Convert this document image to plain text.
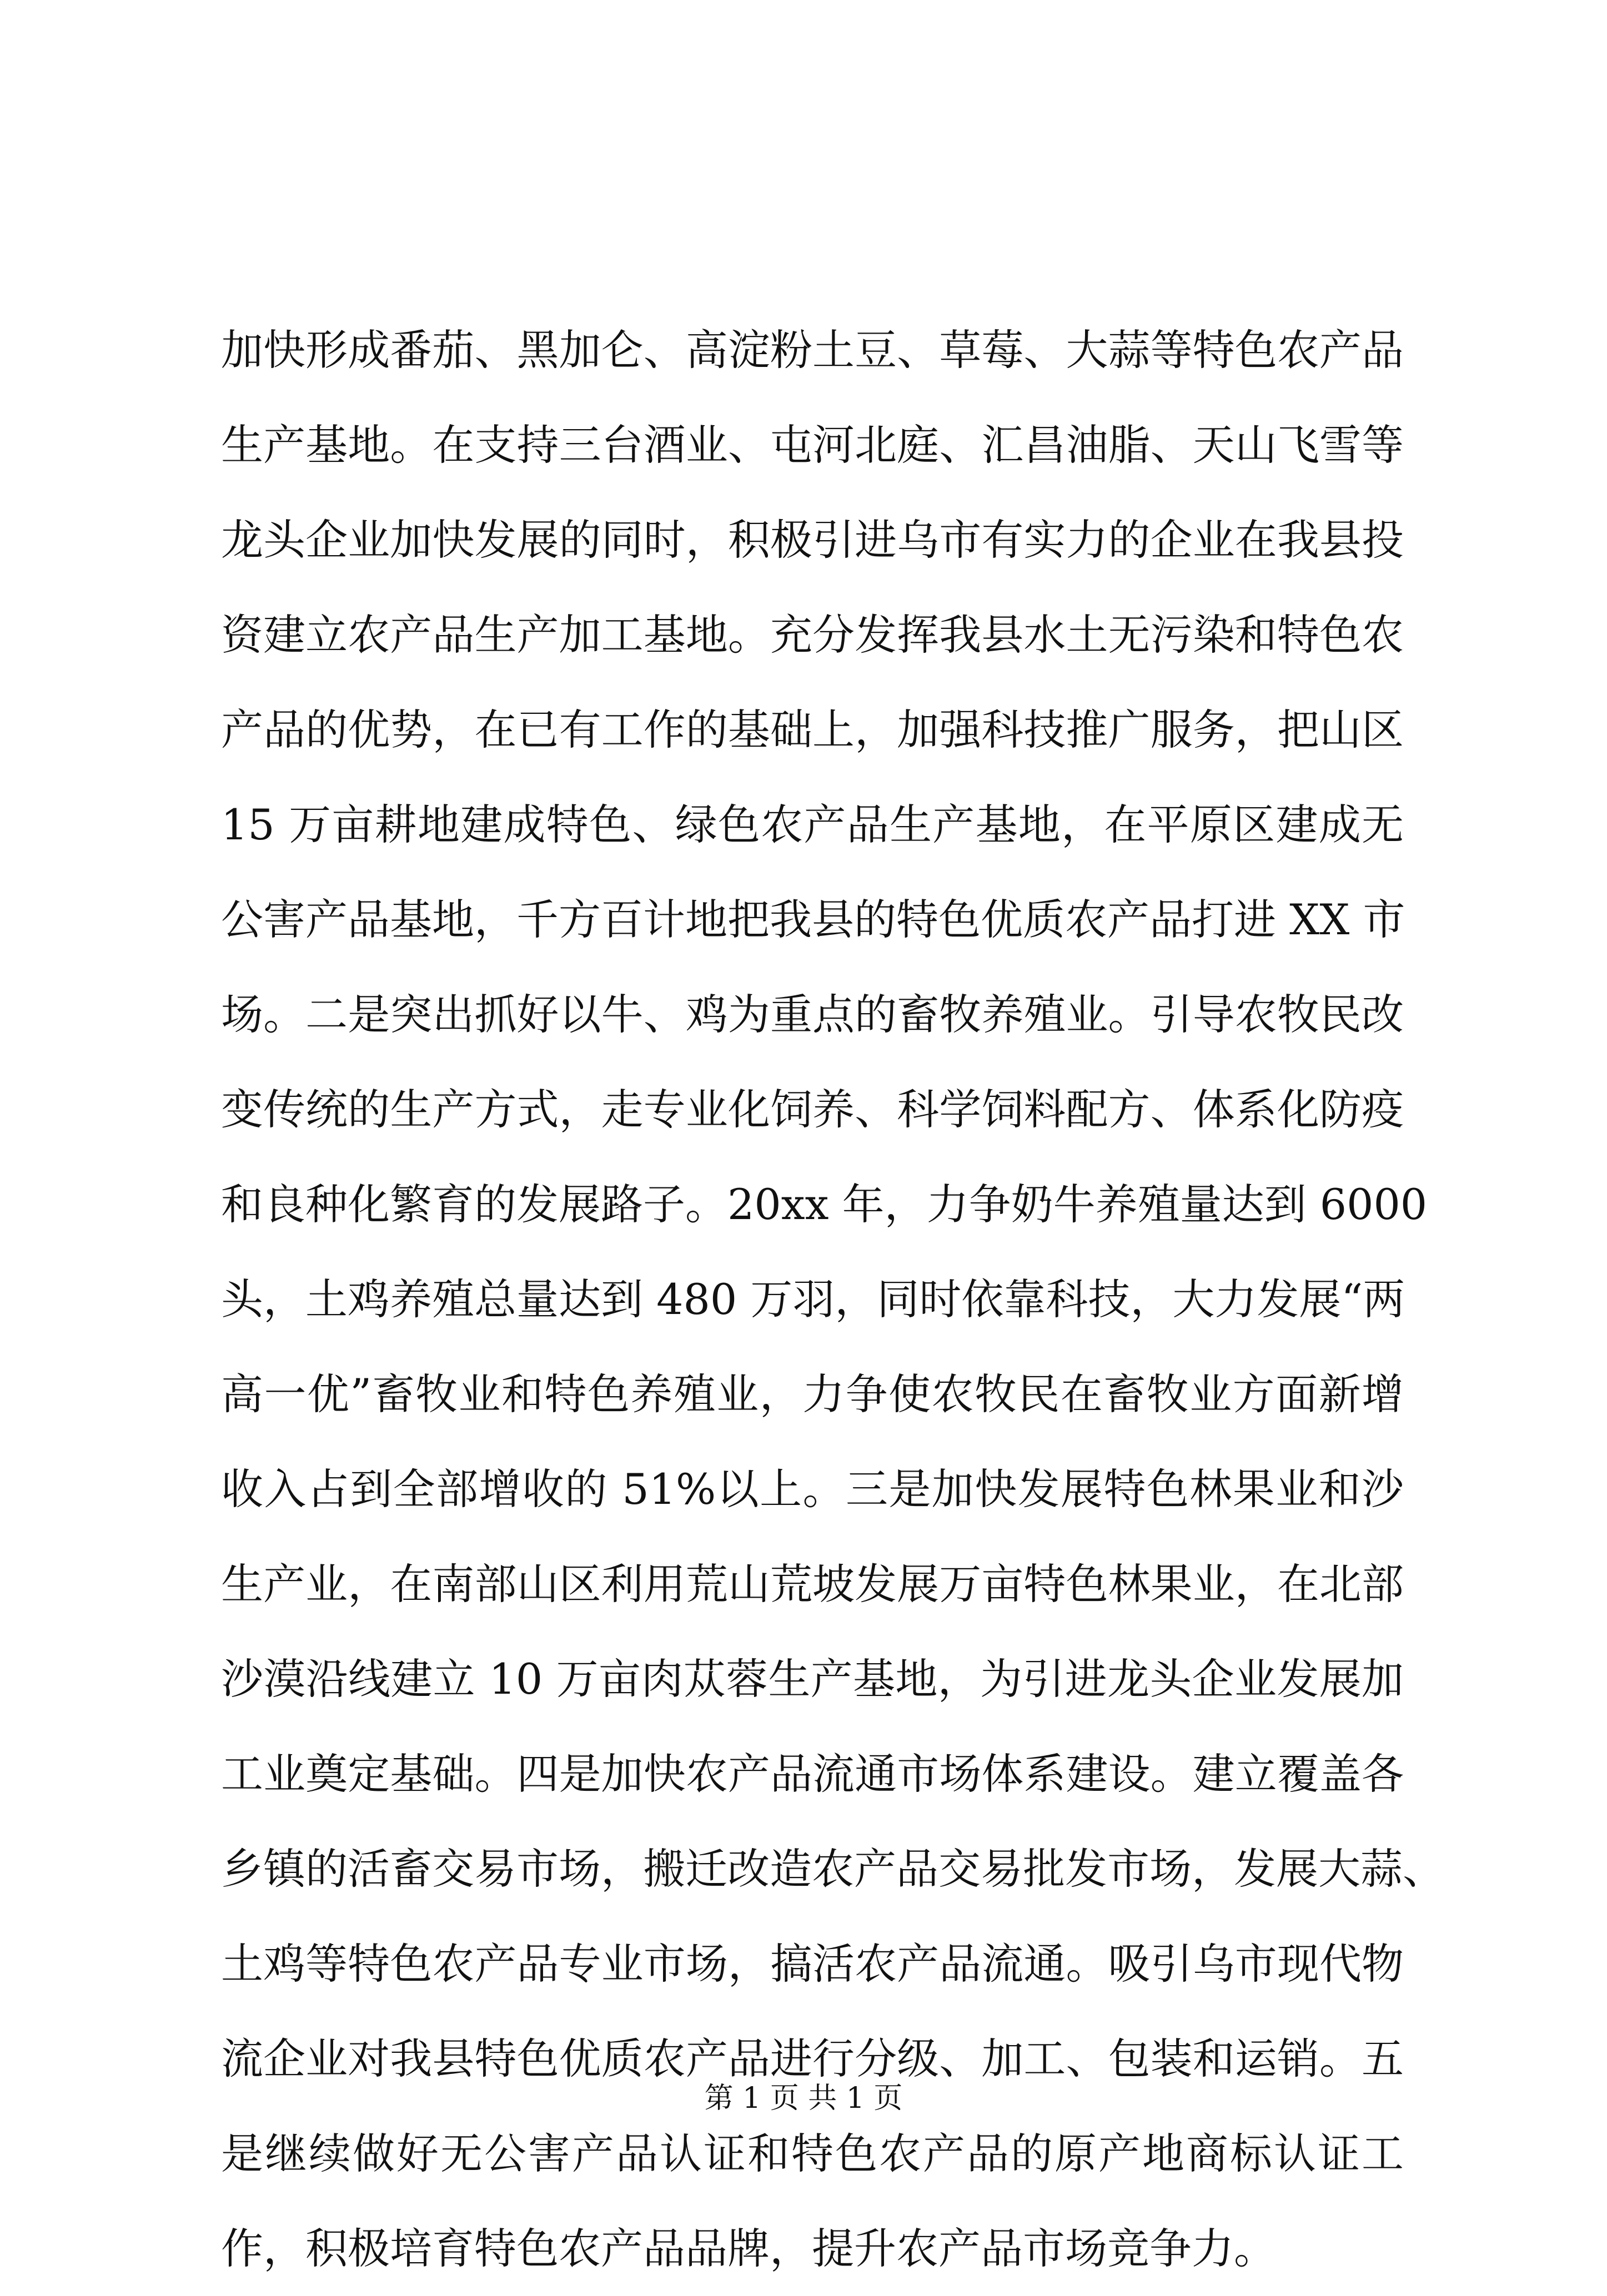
加快形成番茄、黑加仑、高淀粉土豆、草莓、大蒜等特色农产品
生产基地。在支持三台酒业、屯河北庭、汇昌油脂、天山飞雪等
龙头企业加快发展的同时，积极引进乌市有实力的企业在我县投
资建立农产品生产加工基地。充分发挥我县水土无污染和特色农
产品的优势，在已有工作的基础上，加强科技推广服务，把山区
15 万亩耕地建成特色、绿色农产品生产基地，在平原区建成无
公害产品基地，千方百计地把我县的特色优质农产品打进 XX 市
场。二是突出抓好以牛、鸡为重点的畜牧养殖业。引导农牧民改
变传统的生产方式，走专业化饲养、科学饲料配方、体系化防疫
和良种化繁育的发展路子。20xx 年，力争奶牛养殖量达到 6000
头，土鸡养殖总量达到 480 万羽，同时依靠科技，大力发展“两
高一优”畜牧业和特色养殖业，力争使农牧民在畜牧业方面新增
收入占到全部增收的 51%以上。三是加快发展特色林果业和沙
生产业，在南部山区利用荒山荒坡发展万亩特色林果业，在北部
沙漠沿线建立 10 万亩肉苁蓉生产基地，为引进龙头企业发展加
工业奠定基础。四是加快农产品流通市场体系建设。建立覆盖各
乡镇的活畜交易市场，搬迁改造农产品交易批发市场，发展大蒜、
土鸡等特色农产品专业市场，搞活农产品流通。吸引乌市现代物
流企业对我县特色优质农产品进行分级、加工、包装和运销。五
是继续做好无公害产品认证和特色农产品的原产地商标认证工
作，积极培育特色农产品品牌，提升农产品市场竞争力。
第 1 页 共 1 页
